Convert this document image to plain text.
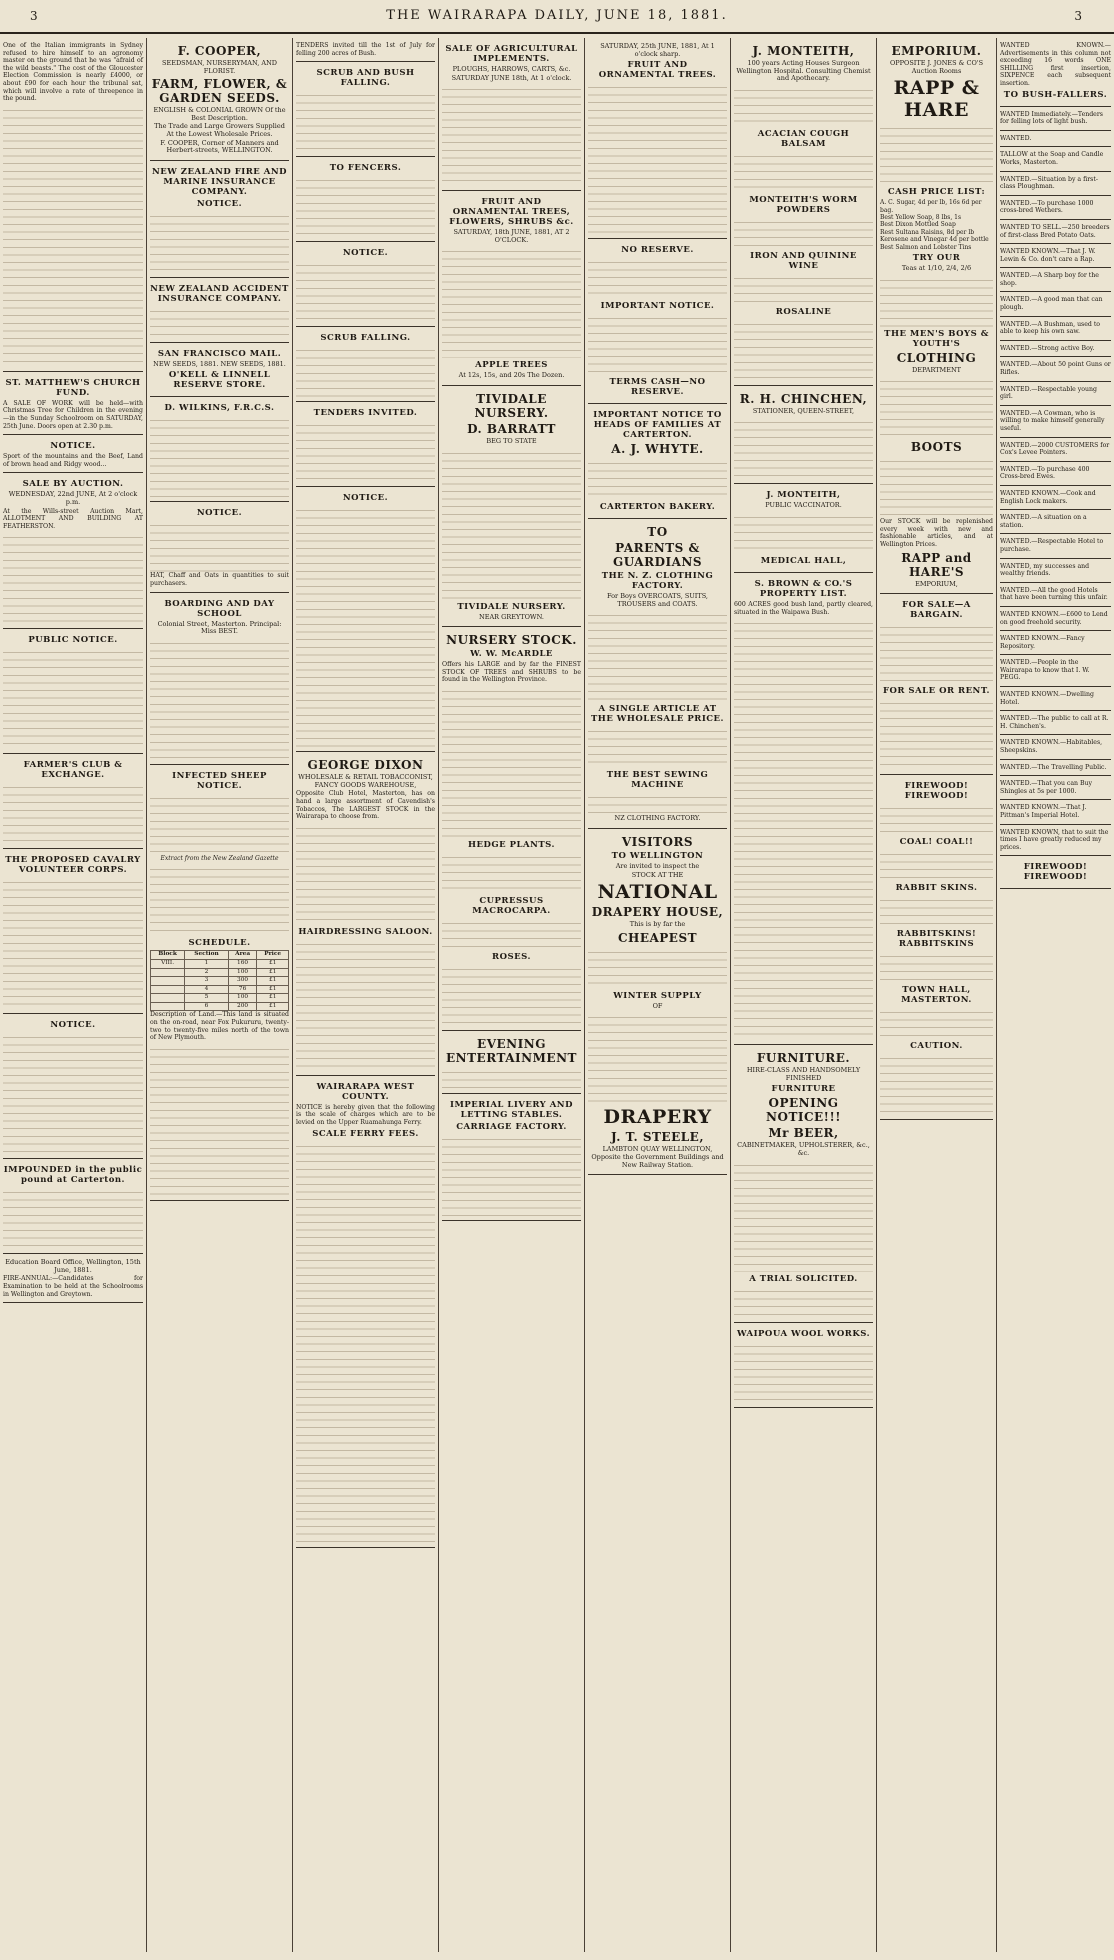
3	THE WAIRARAPA DAILY, JUNE 18, 1881.	3
One of the Italian immigrants in Sydney refused to hire himself to an agronomy master on the ground that he was "afraid of the wild beasts." The cost of the Gloucester Election Commission is nearly £4000, or about £90 for each hour the tribunal sat, which will involve a rate of threepence in the pound.
ST. MATTHEW'S CHURCH FUND.
A SALE OF WORK will be held—with Christmas Tree for Children in the evening—in the Sunday Schoolroom on SATURDAY, 25th June. Doors open at 2.30 p.m.
NOTICE.
Sport of the mountains and the Beef, Land of brown head and Ridgy wood...
SALE BY AUCTION.
WEDNESDAY, 22nd JUNE, At 2 o'clock p.m.
At the Wills-street Auction Mart, ALLOTMENT AND BUILDING AT FEATHERSTON.
PUBLIC NOTICE.
FARMER'S CLUB & EXCHANGE.
THE PROPOSED CAVALRY VOLUNTEER CORPS.
NOTICE.
IMPOUNDED in the public pound at Carterton.
Education Board Office, Wellington, 15th June, 1881.
FIRE-ANNUAL:—Candidates for Examination to be held at the Schoolrooms in Wellington and Greytown.
F. COOPER,
SEEDSMAN, NURSERYMAN, AND FLORIST.
FARM, FLOWER, & GARDEN SEEDS.
ENGLISH & COLONIAL GROWN Of the Best Description.
The Trade and Large Growers Supplied At the Lowest Wholesale Prices.
F. COOPER, Corner of Manners and Herbert-streets, WELLINGTON.
NEW ZEALAND FIRE AND MARINE INSURANCE COMPANY.
NOTICE.
NEW ZEALAND ACCIDENT INSURANCE COMPANY.
SAN FRANCISCO MAIL.
NEW SEEDS, 1881. NEW SEEDS, 1881.
O'KELL & LINNELL RESERVE STORE.
D. WILKINS, F.R.C.S.
NOTICE.
HAT, Chaff and Oats in quantities to suit purchasers.
BOARDING AND DAY SCHOOL
Colonial Street, Masterton. Principal: Miss BEST.
INFECTED SHEEP NOTICE.
Extract from the New Zealand Gazette
SCHEDULE.
Block	Section	Area	Price
VIII.	1	160	£1
	2	100	£1
	3	300	£1
	4	76	£1
	5	100	£1
	6	200	£1
Description of Land.—This land is situated on the on-road, near Fox Pukururu, twenty-two to twenty-five miles north of the town of New Plymouth.
TENDERS invited till the 1st of July for felling 200 acres of Bush.
SCRUB AND BUSH FALLING.
TO FENCERS.
NOTICE.
SCRUB FALLING.
TENDERS INVITED.
NOTICE.
GEORGE DIXON
WHOLESALE & RETAIL TOBACCONIST, FANCY GOODS WAREHOUSE,
Opposite Club Hotel, Masterton, has on hand a large assortment of Cavendish's Tobaccos, The LARGEST STOCK in the Wairarapa to choose from.
HAIRDRESSING SALOON.
WAIRARAPA WEST COUNTY.
NOTICE is hereby given that the following is the scale of charges which are to be levied on the Upper Ruamahunga Ferry.
SCALE FERRY FEES.
SALE OF AGRICULTURAL IMPLEMENTS.
PLOUGHS, HARROWS, CARTS, &c.
SATURDAY JUNE 18th, At 1 o'clock.
FRUIT AND ORNAMENTAL TREES, FLOWERS, SHRUBS &c.
SATURDAY, 18th JUNE, 1881, AT 2 O'CLOCK.
APPLE TREES
At 12s, 15s, and 20s The Dozen.
TIVIDALE NURSERY.
D. BARRATT
BEG TO STATE
TIVIDALE NURSERY.
NEAR GREYTOWN.
NURSERY STOCK.
W. W. McARDLE
Offers his LARGE and by far the FINEST STOCK OF TREES and SHRUBS to be found in the Wellington Province.
HEDGE PLANTS.
CUPRESSUS MACROCARPA.
ROSES.
EVENING ENTERTAINMENT
IMPERIAL LIVERY AND LETTING STABLES.
CARRIAGE FACTORY.
SATURDAY, 25th JUNE, 1881, At 1 o'clock sharp.
FRUIT AND ORNAMENTAL TREES.
NO RESERVE.
IMPORTANT NOTICE.
TERMS CASH—NO RESERVE.
IMPORTANT NOTICE TO HEADS OF FAMILIES AT CARTERTON.
A. J. WHYTE.
CARTERTON BAKERY.
TO
PARENTS & GUARDIANS
THE N. Z. CLOTHING FACTORY.
For Boys OVERCOATS, SUITS, TROUSERS and COATS.
A SINGLE ARTICLE AT THE WHOLESALE PRICE.
THE BEST SEWING MACHINE
NZ CLOTHING FACTORY.
VISITORS
TO WELLINGTON
Are invited to inspect the
STOCK AT THE
NATIONAL
DRAPERY HOUSE,
This is by far the
CHEAPEST
WINTER SUPPLY
OF
DRAPERY
J. T. STEELE,
LAMBTON QUAY WELLINGTON, Opposite the Government Buildings and New Railway Station.
J. MONTEITH,
100 years Acting Houses Surgeon Wellington Hospital. Consulting Chemist and Apothecary.
ACACIAN COUGH BALSAM
MONTEITH'S WORM POWDERS
IRON AND QUININE WINE
ROSALINE
R. H. CHINCHEN,
STATIONER, QUEEN-STREET,
J. MONTEITH,
PUBLIC VACCINATOR.
MEDICAL HALL,
S. BROWN & CO.'S PROPERTY LIST.
600 ACRES good bush land, partly cleared, situated in the Waipawa Bush.
FURNITURE.
HIRE-CLASS AND HANDSOMELY FINISHED
FURNITURE
OPENING NOTICE!!!
Mr BEER,
CABINETMAKER, UPHOLSTERER, &c., &c.
A TRIAL SOLICITED.
WAIPOUA WOOL WORKS.
EMPORIUM.
OPPOSITE J. JONES & CO'S Auction Rooms
RAPP & HARE
CASH PRICE LIST:
A. C. Sugar, 4d per lb, 16s 6d per bag.
Best Yellow Soap, 8 lbs, 1s
Best Dixon Mottled Soap
Rest Sultana Raisins, 8d per lb
Kerosene and Vinegar 4d per bottle
Best Salmon and Lobster Tins
TRY OUR
Teas at 1/10, 2/4, 2/6
THE MEN'S BOYS & YOUTH'S
CLOTHING
DEPARTMENT
BOOTS
Our STOCK will be replenished every week with new and fashionable articles, and at Wellington Prices.
RAPP and HARE'S
EMPORIUM,
FOR SALE—A BARGAIN.
FOR SALE OR RENT.
FIREWOOD! FIREWOOD!
COAL! COAL!!
RABBIT SKINS.
RABBITSKINS! RABBITSKINS
TOWN HALL, MASTERTON.
CAUTION.
WANTED KNOWN.—Advertisements in this column not exceeding 16 words ONE SHILLING first insertion, SIXPENCE each subsequent insertion.
TO BUSH-FALLERS.
WANTED Immediately.—Tenders for felling lots of light bush.
WANTED.
TALLOW at the Soap and Candle Works, Masterton.
WANTED.—Situation by a first-class Ploughman.
WANTED.—To purchase 1000 cross-bred Wethers.
WANTED TO SELL.—250 breeders of first-class Bred Potato Oats.
WANTED KNOWN.—That J. W. Lewin & Co. don't care a Rap.
WANTED.—A Sharp boy for the shop.
WANTED.—A good man that can plough.
WANTED.—A Bushman, used to able to keep his own saw.
WANTED.—Strong active Boy.
WANTED.—About 50 point Guns or Rifles.
WANTED.—Respectable young girl.
WANTED.—A Cowman, who is willing to make himself generally useful.
WANTED.—2000 CUSTOMERS for Cox's Levee Pointers.
WANTED.—To purchase 400 Cross-bred Ewes.
WANTED KNOWN.—Cook and English Lock makers.
WANTED.—A situation on a station.
WANTED.—Respectable Hotel to purchase.
WANTED, my successes and wealthy friends.
WANTED.—All the good Hotels that have been turning this unfair.
WANTED KNOWN.—£600 to Lend on good freehold security.
WANTED KNOWN.—Fancy Repository.
WANTED.—People in the Wairarapa to know that I. W. PEGG.
WANTED KNOWN.—Dwelling Hotel.
WANTED.—The public to call at R. H. Chinchen's.
WANTED KNOWN.—Habitables, Sheepskins.
WANTED.—The Travelling Public.
WANTED.—That you can Buy Shingles at 5s per 1000.
WANTED KNOWN.—That J. Pittman's Imperial Hotel.
WANTED KNOWN, that to suit the times I have greatly reduced my prices.
FIREWOOD! FIREWOOD!
